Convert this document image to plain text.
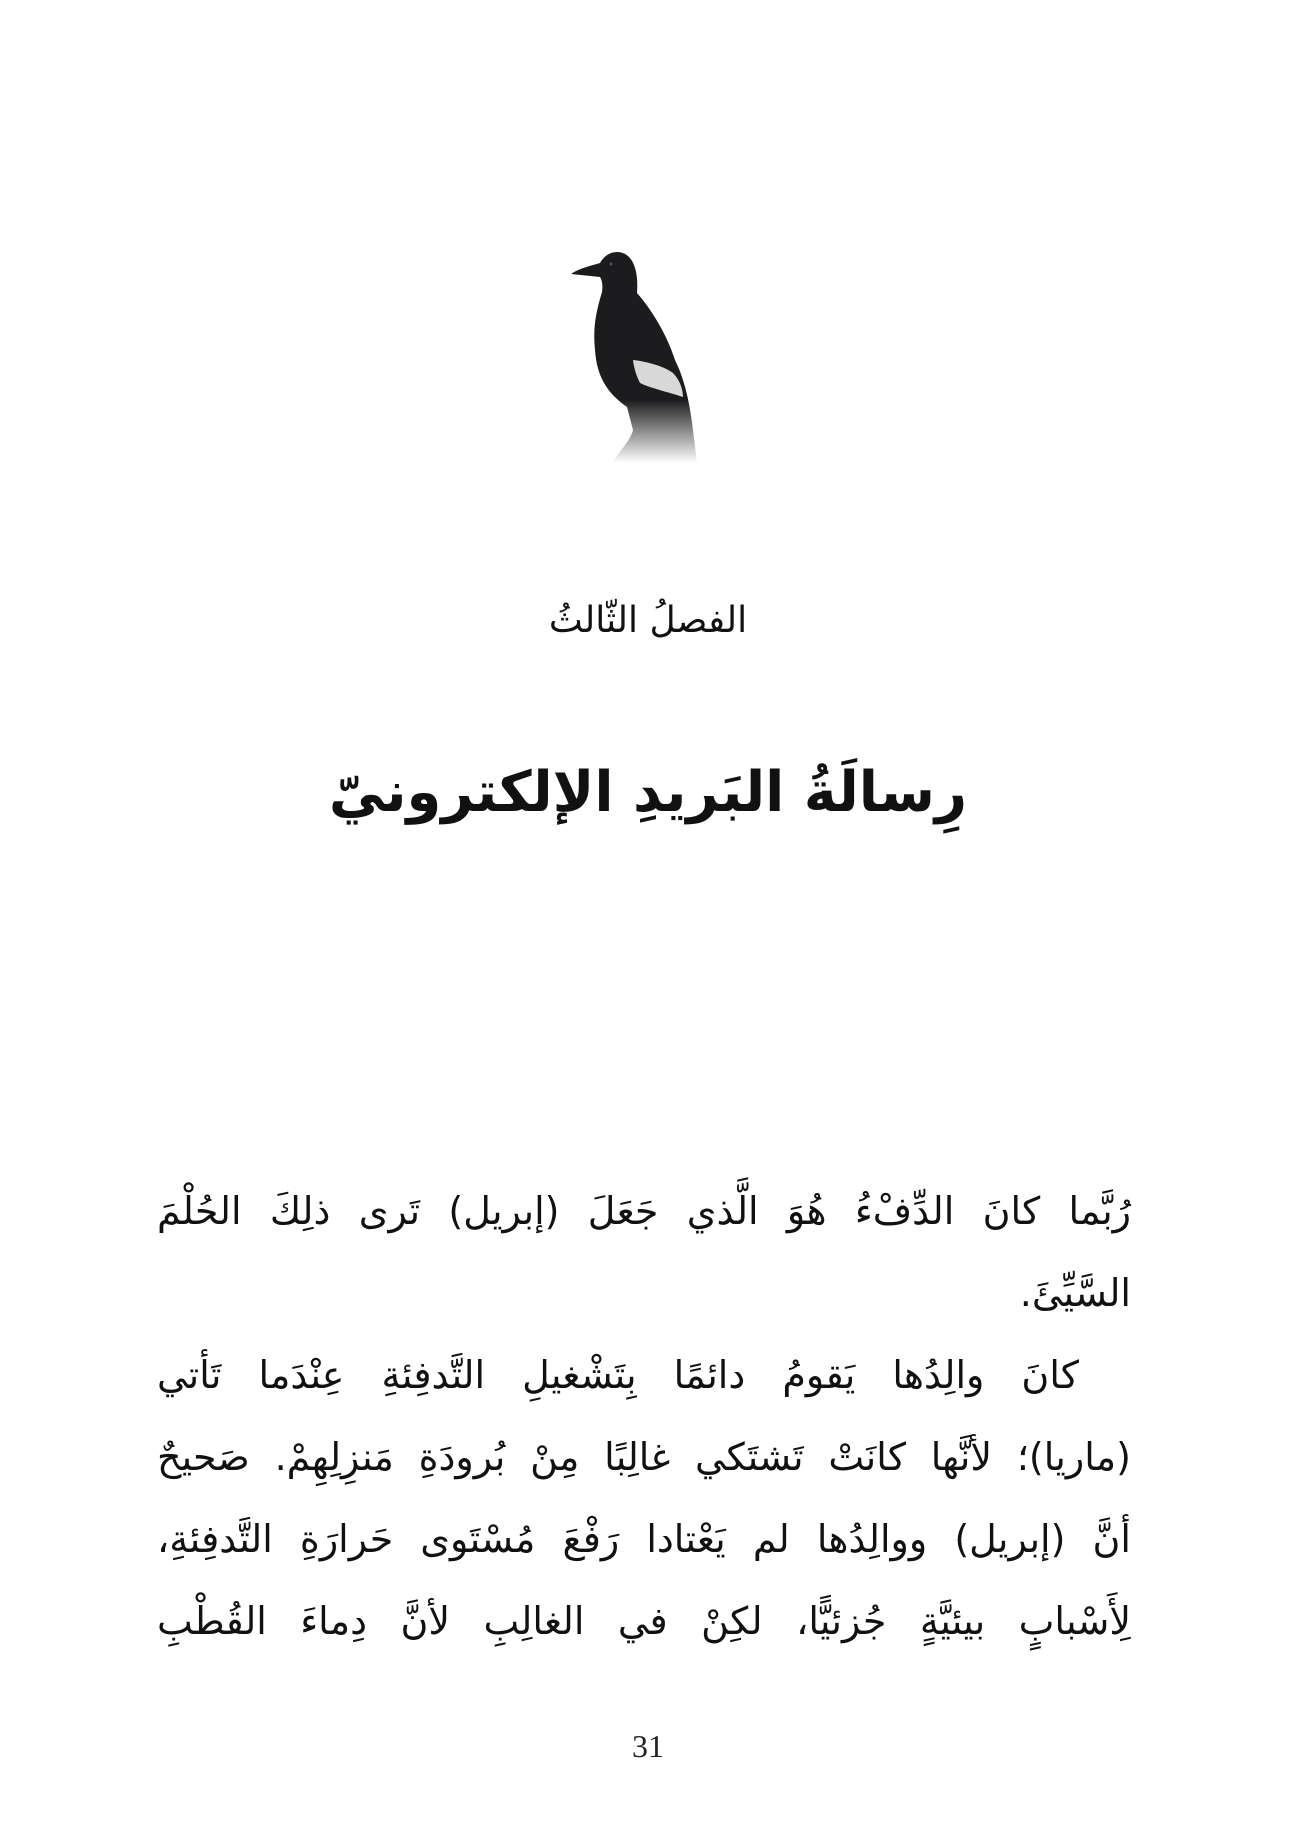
الفصلُ الثّالثُ
رِسالَةُ البَريدِ الإلكترونيّ
رُبَّما كانَ الدِّفْءُ هُوَ الَّذي جَعَلَ (إبريل) تَرى ذلِكَ الحُلْمَ
السَّيِّئَ.
كانَ والِدُها يَقومُ دائمًا بِتَشْغيلِ التَّدفِئةِ عِنْدَما تَأتي
(ماريا)؛ لأنَّها كانَتْ تَشتَكي غالِبًا مِنْ بُرودَةِ مَنزِلِهِمْ. صَحيحٌ
أنَّ (إبريل) ووالِدُها لم يَعْتادا رَفْعَ مُسْتَوى حَرارَةِ التَّدفِئةِ،
لِأَسْبابٍ بيئيَّةٍ جُزئيًّا، لكِنْ في الغالِبِ لأنَّ دِماءَ القُطْبِ
31
